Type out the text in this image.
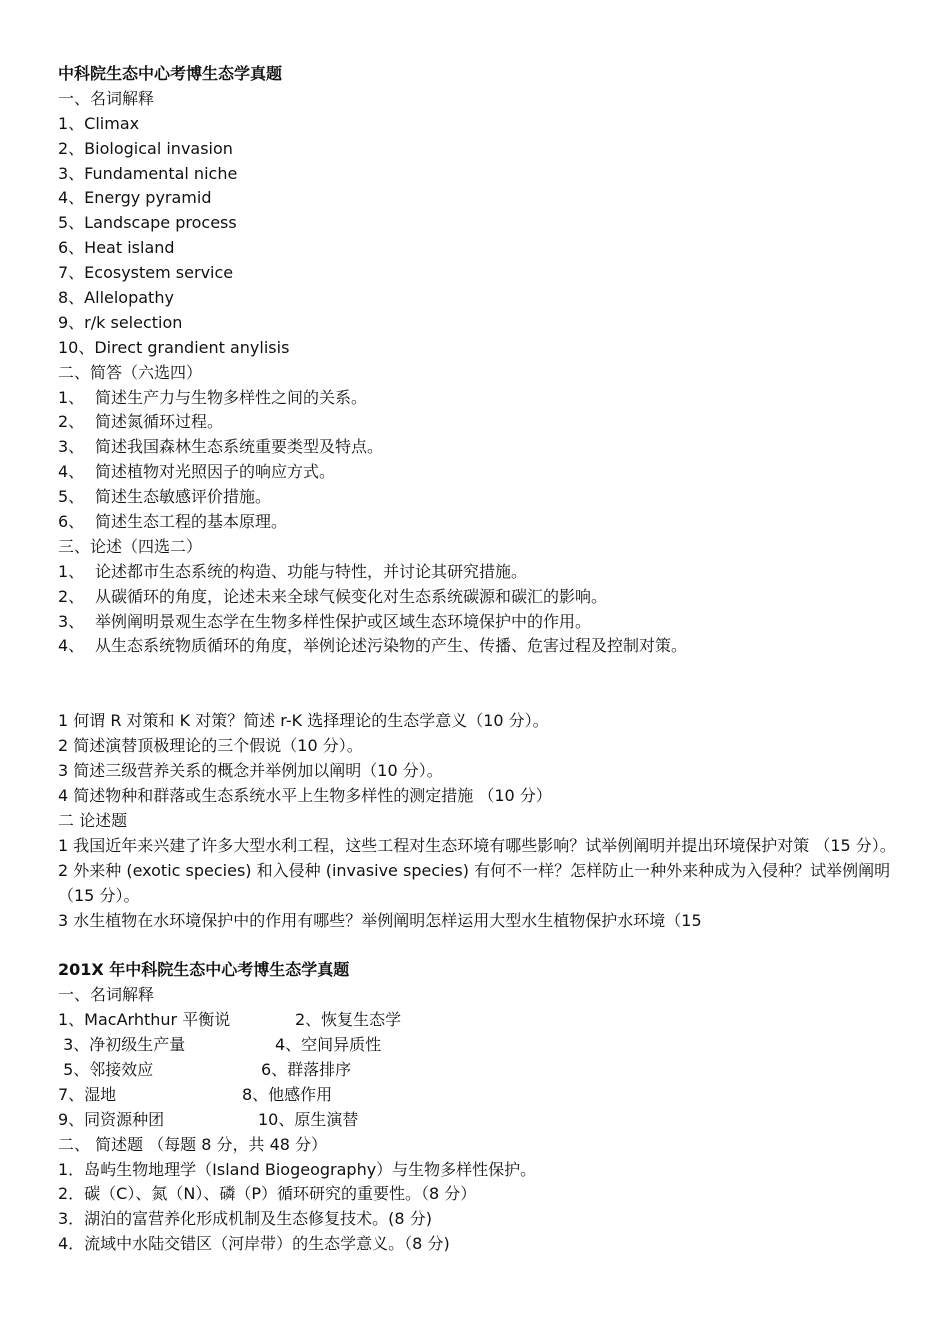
中科院生态中心考博生态学真题
一、名词解释
1、Climax
2、Biological invasion
3、Fundamental niche
4、Energy pyramid
5、Landscape process
6、Heat island
7、Ecosystem service
8、Allelopathy
9、r/k selection
10、Direct grandient anylisis
二、简答（六选四）
1、 简述生产力与生物多样性之间的关系。
2、 简述氮循环过程。
3、 简述我国森林生态系统重要类型及特点。
4、 简述植物对光照因子的响应方式。
5、 简述生态敏感评价措施。
6、 简述生态工程的基本原理。
三、论述（四选二）
1、 论述都市生态系统的构造、功能与特性，并讨论其研究措施。
2、 从碳循环的角度，论述未来全球气候变化对生态系统碳源和碳汇的影响。
3、 举例阐明景观生态学在生物多样性保护或区域生态环境保护中的作用。
4、 从生态系统物质循环的角度，举例论述污染物的产生、传播、危害过程及控制对策。
1 何谓 R 对策和 K 对策？简述 r-K 选择理论的生态学意义（10 分）。
2 简述演替顶极理论的三个假说（10 分）。
3 简述三级营养关系的概念并举例加以阐明（10 分）。
4 简述物种和群落或生态系统水平上生物多样性的测定措施 （10 分）
二 论述题
1 我国近年来兴建了许多大型水利工程，这些工程对生态环境有哪些影响？试举例阐明并提出环境保护对策 （15 分）。
2 外来种 (exotic species) 和入侵种 (invasive species) 有何不一样？怎样防止一种外来种成为入侵种？试举例阐明（15 分）。
3 水生植物在水环境保护中的作用有哪些？举例阐明怎样运用大型水生植物保护水环境（15
201X 年中科院生态中心考博生态学真题
一、名词解释
1、MacArhthur 平衡说	2、恢复生态学
3、净初级生产量	4、空间异质性
5、邻接效应	6、群落排序
7、湿地	8、他感作用
9、同资源种团	10、原生演替
二、 简述题 （每题 8 分，共 48 分）
1．岛屿生物地理学（Island Biogeography）与生物多样性保护。
2．碳（C）、氮（N）、磷（P）循环研究的重要性。（8 分）
3．湖泊的富营养化形成机制及生态修复技术。(8 分)
4．流域中水陆交错区（河岸带）的生态学意义。（8 分)
